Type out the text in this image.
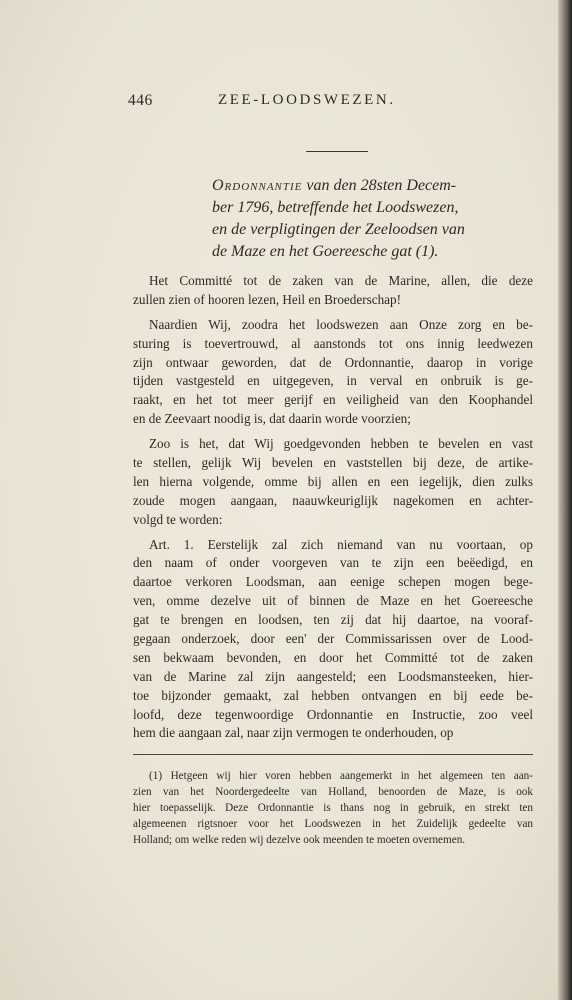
446	ZEE-LOODSWEZEN.
Ordonnantie van den 28sten Decem-
ber 1796, betreffende het Loodswezen,
en de verpligtingen der Zeeloodsen van
de Maze en het Goereesche gat (1).
Het Committé tot de zaken van de Marine, allen, die deze
zullen zien of hooren lezen, Heil en Broederschap!
Naardien Wij, zoodra het loodswezen aan Onze zorg en be-
sturing is toevertrouwd, al aanstonds tot ons innig leedwezen
zijn ontwaar geworden, dat de Ordonnantie, daarop in vorige
tijden vastgesteld en uitgegeven, in verval en onbruik is ge-
raakt, en het tot meer gerijf en veiligheid van den Koophandel
en de Zeevaart noodig is, dat daarin worde voorzien;
Zoo is het, dat Wij goedgevonden hebben te bevelen en vast
te stellen, gelijk Wij bevelen en vaststellen bij deze, de artike-
len hierna volgende, omme bij allen en een iegelijk, dien zulks
zoude mogen aangaan, naauwkeuriglijk nagekomen en achter-
volgd te worden:
Art. 1. Eerstelijk zal zich niemand van nu voortaan, op
den naam of onder voorgeven van te zijn een beëedigd, en
daartoe verkoren Loodsman, aan eenige schepen mogen bege-
ven, omme dezelve uit of binnen de Maze en het Goereesche
gat te brengen en loodsen, ten zij dat hij daartoe, na vooraf-
gegaan onderzoek, door een' der Commissarissen over de Lood-
sen bekwaam bevonden, en door het Committé tot de zaken
van de Marine zal zijn aangesteld; een Loodsmansteeken, hier-
toe bijzonder gemaakt, zal hebben ontvangen en bij eede be-
loofd, deze tegenwoordige Ordonnantie en Instructie, zoo veel
hem die aangaan zal, naar zijn vermogen te onderhouden, op
(1) Hetgeen wij hier voren hebben aangemerkt in het algemeen ten aan-
zien van het Noordergedeelte van Holland, benoorden de Maze, is ook
hier toepasselijk. Deze Ordonnantie is thans nog in gebruik, en strekt ten
algemeenen rigtsnoer voor het Loodswezen in het Zuidelijk gedeelte van
Holland; om welke reden wij dezelve ook meenden te moeten overnemen.
